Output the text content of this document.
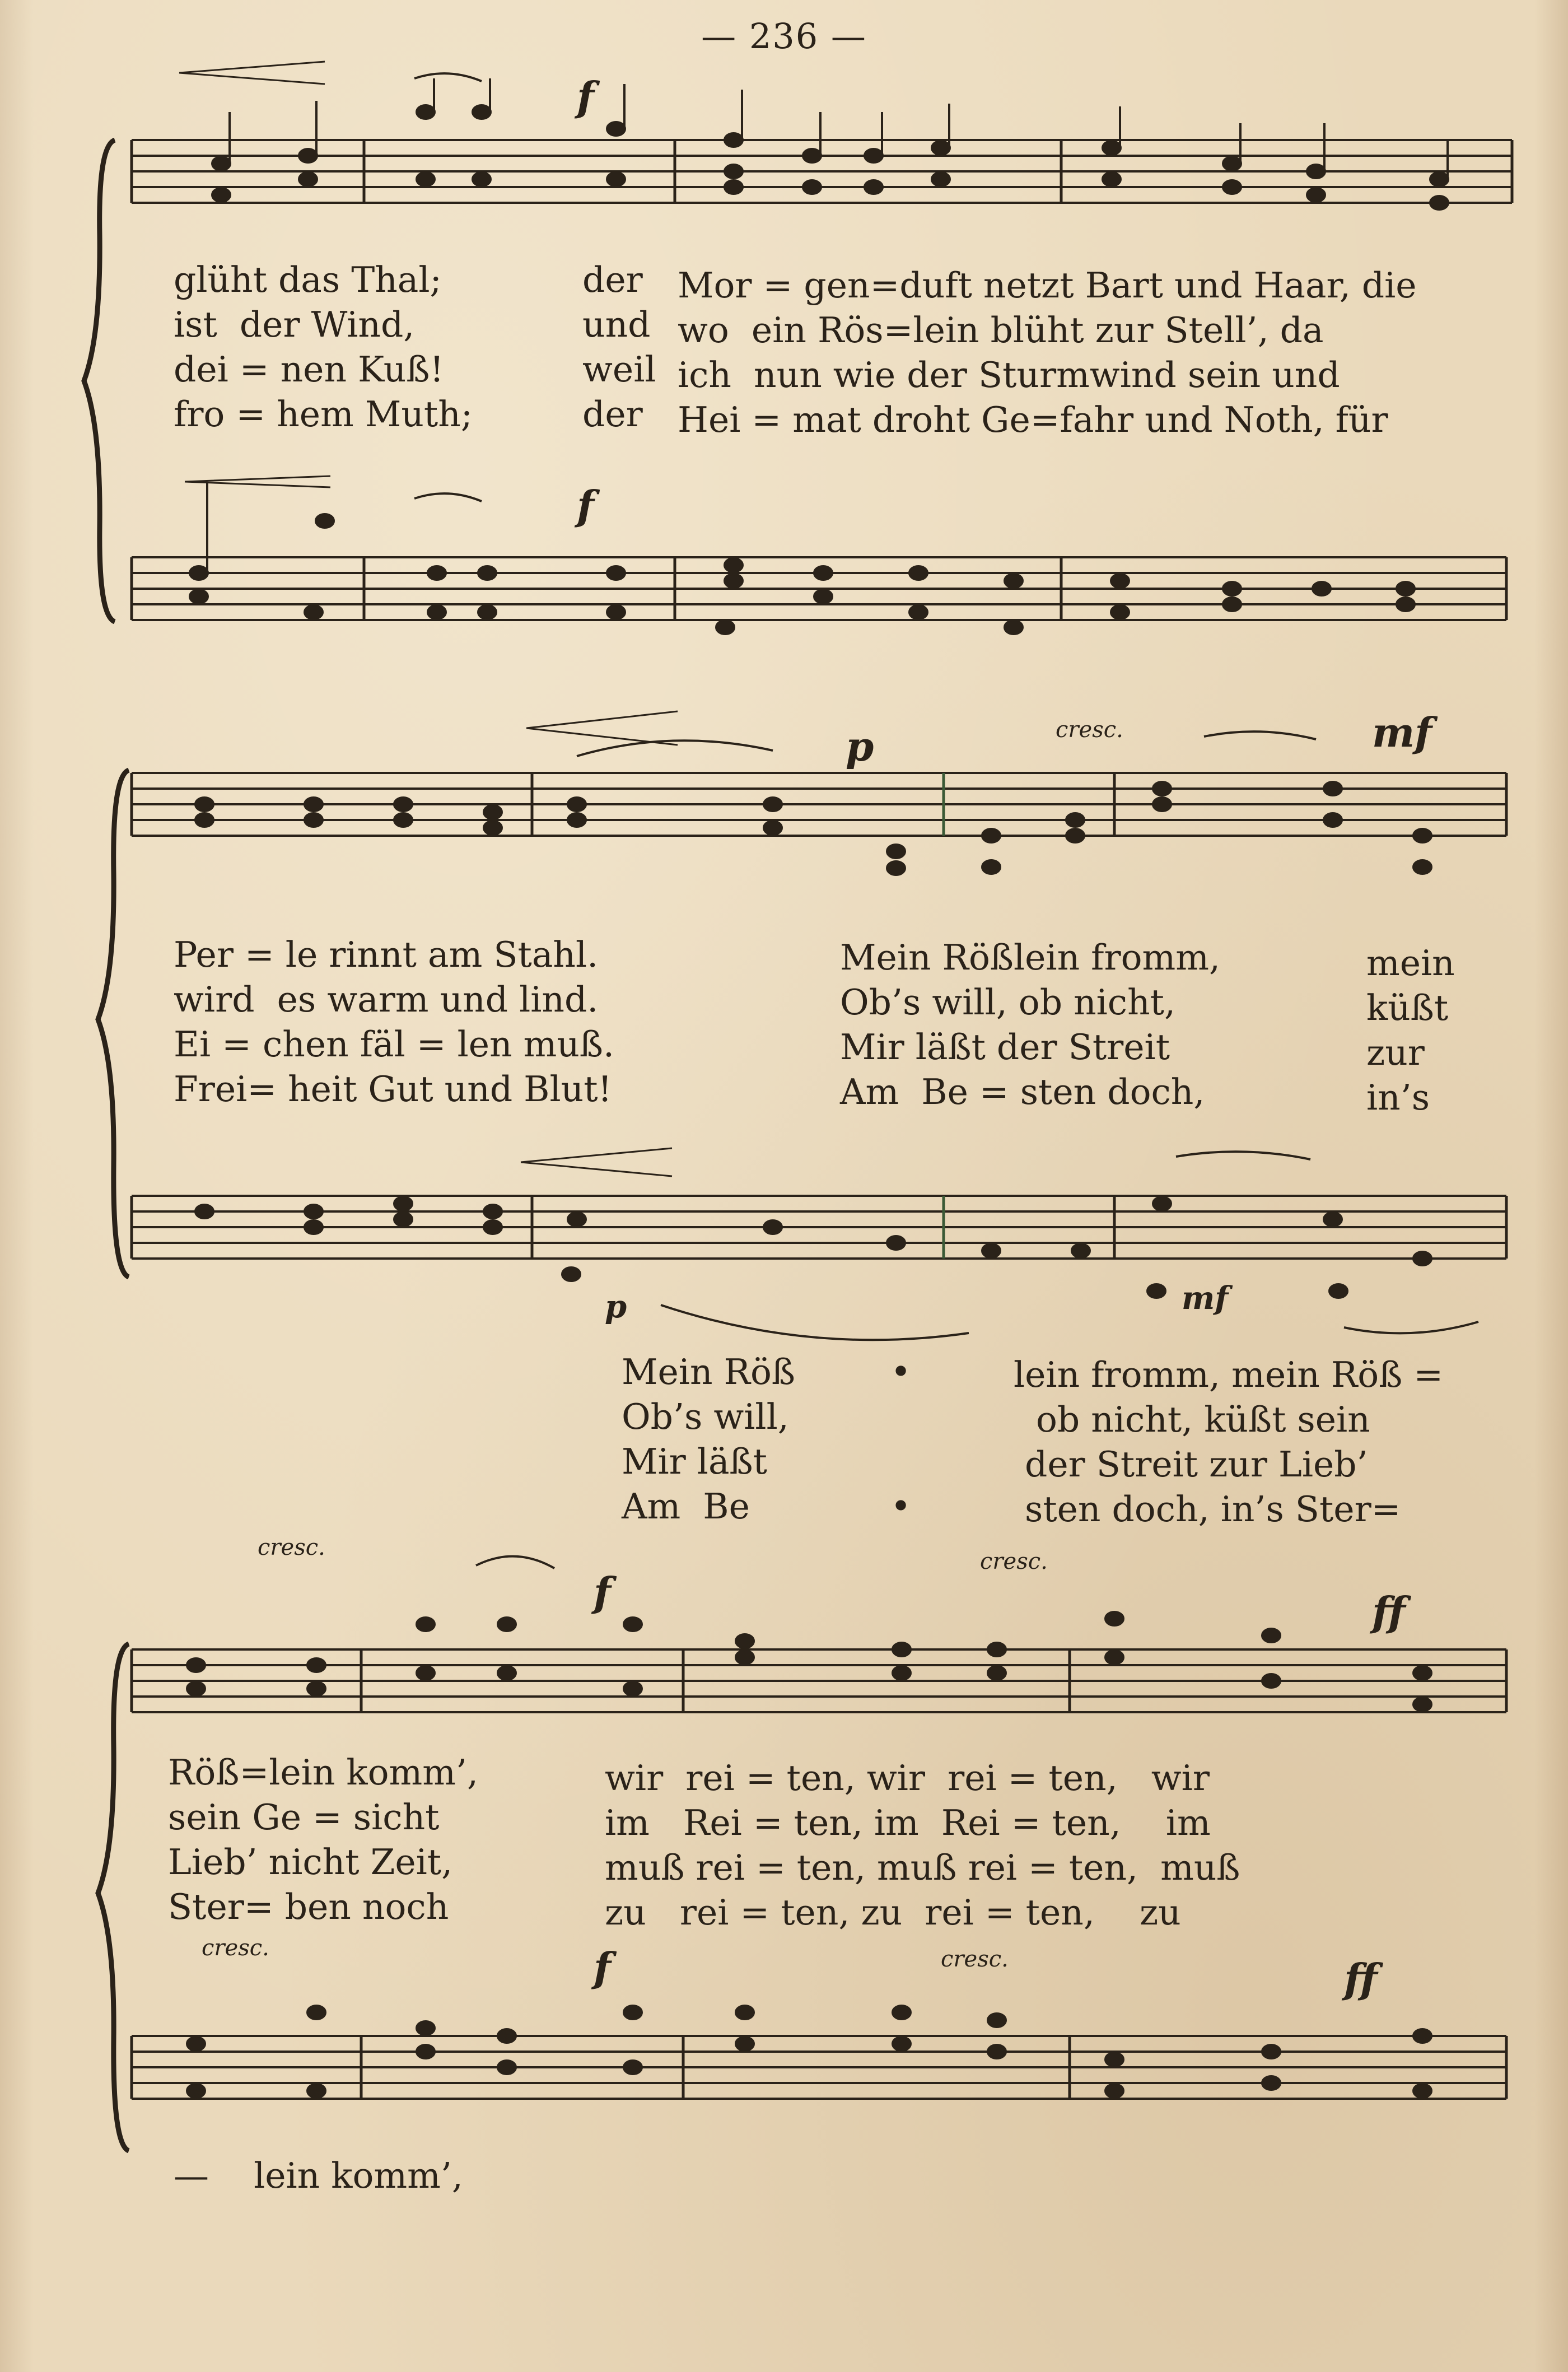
— 236 —
f
f
p	cresc.	mf
p	mf
cresc.
f
cresc.
ff
cresc.	f	cresc.	ff
glüht das Thal;	der Mor = gen=duft netzt Bart und Haar, die
ist  der Wind,	und wo  ein Rös=lein blüht zur Stell’, da
dei = nen Kuß!	weil ich  nun wie der Sturmwind sein und
fro = hem Muth;	der Hei = mat droht Ge=fahr und Noth, für
Per = le rinnt am Stahl.
wird  es warm und lind.
Ei = chen fäl = len muß.
Frei= heit Gut und Blut!
Mein Rößlein fromm,
Ob’s will, ob nicht,
Mir läßt der Streit
Am  Be = sten doch,
mein
küßt
zur
in’s
Mein Röß
Ob’s will,
Mir läßt
Am  Be
•
•
lein fromm, mein Röß =
ob nicht, küßt sein
der Streit zur Lieb’
sten doch, in’s Ster=
Röß=lein komm’,
sein Ge = sicht
Lieb’ nicht Zeit,
Ster= ben noch
wir  rei = ten, wir  rei = ten,   wir
im   Rei = ten, im  Rei = ten,    im
muß rei = ten, muß rei = ten,  muß
zu   rei = ten, zu  rei = ten,    zu
—    lein komm’,
